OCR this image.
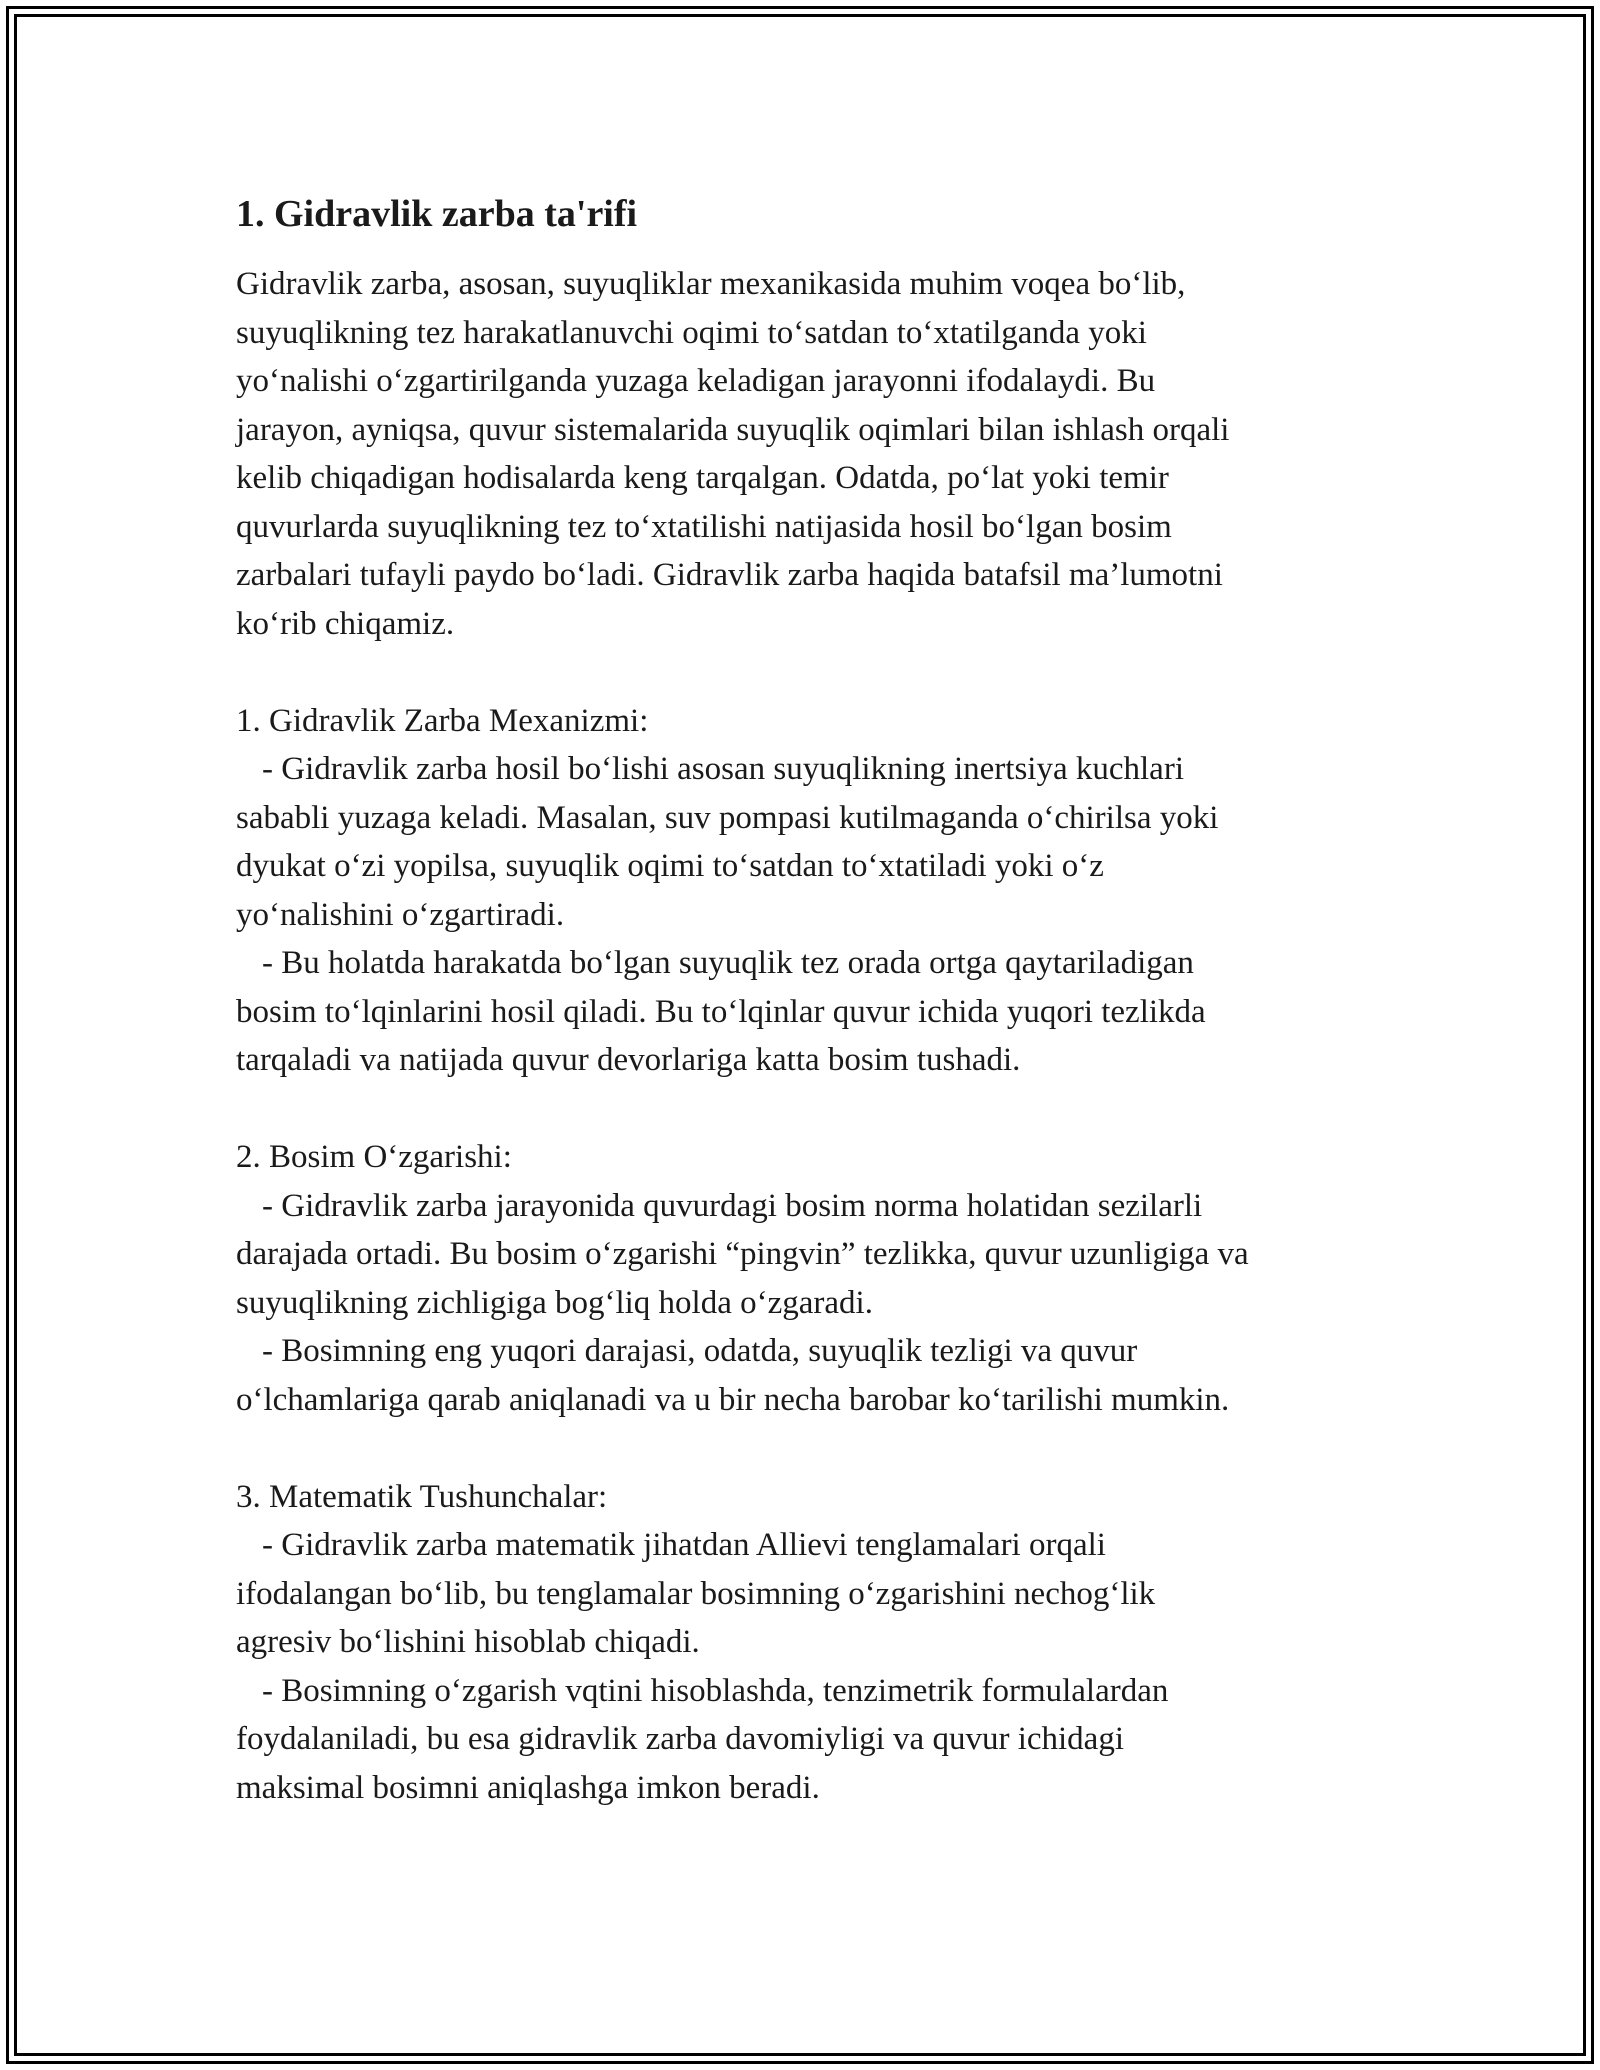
1. Gidravlik zarba ta'rifi

Gidravlik zarba, asosan, suyuqliklar mexanikasida muhim voqea bo‘lib,
suyuqlikning tez harakatlanuvchi oqimi to‘satdan to‘xtatilganda yoki
yo‘nalishi o‘zgartirilganda yuzaga keladigan jarayonni ifodalaydi. Bu
jarayon, ayniqsa, quvur sistemalarida suyuqlik oqimlari bilan ishlash orqali
kelib chiqadigan hodisalarda keng tarqalgan. Odatda, po‘lat yoki temir
quvurlarda suyuqlikning tez to‘xtatilishi natijasida hosil bo‘lgan bosim
zarbalari tufayli paydo bo‘ladi. Gidravlik zarba haqida batafsil ma’lumotni
ko‘rib chiqamiz.

1. Gidravlik Zarba Mexanizmi:

- Gidravlik zarba hosil bo‘lishi asosan suyuqlikning inertsiya kuchlari
sababli yuzaga keladi. Masalan, suv pompasi kutilmaganda o‘chirilsa yoki
dyukat o‘zi yopilsa, suyuqlik oqimi to‘satdan to‘xtatiladi yoki o‘z
yo‘nalishini o‘zgartiradi.

- Bu holatda harakatda bo‘lgan suyuqlik tez orada ortga qaytariladigan
bosim to‘lqinlarini hosil qiladi. Bu to‘lqinlar quvur ichida yuqori tezlikda
tarqaladi va natijada quvur devorlariga katta bosim tushadi.

2. Bosim O‘zgarishi:

- Gidravlik zarba jarayonida quvurdagi bosim norma holatidan sezilarli
darajada ortadi. Bu bosim o‘zgarishi “pingvin” tezlikka, quvur uzunligiga va
suyuqlikning zichligiga bog‘liq holda o‘zgaradi.

- Bosimning eng yuqori darajasi, odatda, suyuqlik tezligi va quvur
o‘lchamlariga qarab aniqlanadi va u bir necha barobar ko‘tarilishi mumkin.

3. Matematik Tushunchalar:

- Gidravlik zarba matematik jihatdan Allievi tenglamalari orqali
ifodalangan bo‘lib, bu tenglamalar bosimning o‘zgarishini nechog‘lik
agresiv bo‘lishini hisoblab chiqadi.

- Bosimning o‘zgarish vqtini hisoblashda, tenzimetrik formulalardan
foydalaniladi, bu esa gidravlik zarba davomiyligi va quvur ichidagi
maksimal bosimni aniqlashga imkon beradi.
